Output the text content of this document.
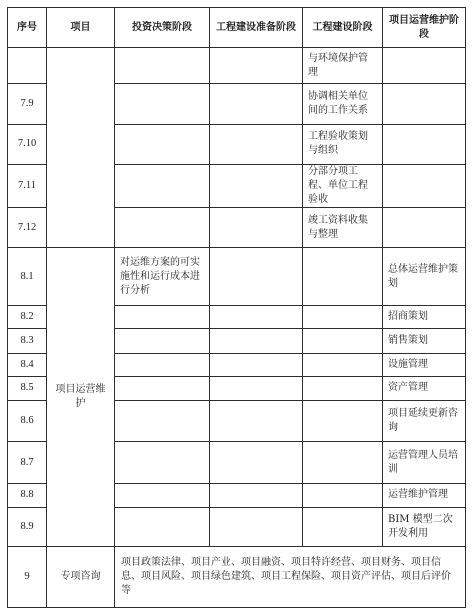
序号	项目	投资决策阶段	工程建设准备阶段	工程建设阶段	项目运营维护阶段
				与环境保护管理	
7.9				协调相关单位间的工作关系	
7.10				工程验收策划与组织	
7.11				分部分项工程、单位工程验收	
7.12				竣工资料收集与整理	
8.1	项目运营维护	对运维方案的可实施性和运行成本进行分析			总体运营维护策划
8.2					招商策划
8.3					销售策划
8.4					设施管理
8.5					资产管理
8.6					项目延续更新咨询
8.7					运营管理人员培训
8.8					运营维护管理
8.9					BIM 模型二次开发利用
9	专项咨询	项目政策法律、项目产业、项目融资、项目特许经营、项目财务、项目信息、项目风险、项目绿色建筑、项目工程保险、项目资产评估、项目后评价等			
